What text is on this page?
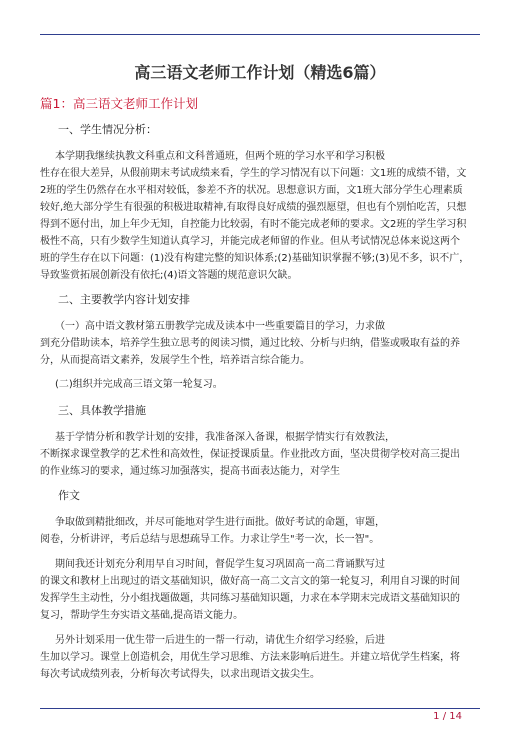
高三语文老师工作计划（精选6篇）
篇1：高三语文老师工作计划
一、学生情况分析：
本学期我继续执教文科重点和文科普通班，但两个班的学习水平和学习积极
性存在很大差异，从假前期末考试成绩来看，学生的学习情况有以下问题：文1班的成绩不错，文
2班的学生仍然存在水平相对较低，参差不齐的状况。思想意识方面，文1班大部分学生心理素质
较好,绝大部分学生有很强的积极进取精神,有取得良好成绩的强烈愿望，但也有个别怕吃苦，只想
得到不愿付出，加上年少无知，自控能力比较弱，有时不能完成老师的要求。文2班的学生学习积
极性不高，只有少数学生知道认真学习，并能完成老师留的作业。但从考试情况总体来说这两个
班的学生存在以下问题：(1)没有构建完整的知识体系;(2)基础知识掌握不够;(3)见不多，识不广，
导致鉴赏拓展创新没有依托;(4)语文答题的规范意识欠缺。
二、主要教学内容计划安排
（一）高中语文教材第五册教学完成及读本中一些重要篇目的学习，力求做
到充分借助读本，培养学生独立思考的阅读习惯，通过比较、分析与归纳，借鉴或吸取有益的养
分，从而提高语文素养，发展学生个性，培养语言综合能力。
(二)组织并完成高三语文第一轮复习。
三、具体教学措施
基于学情分析和教学计划的安排，我准备深入备课，根据学情实行有效教法，
不断探求课堂教学的艺术性和高效性，保证授课质量。作业批改方面，坚决贯彻学校对高三提出
的作业练习的要求，通过练习加强落实，提高书面表达能力，对学生
作文
争取做到精批细改，并尽可能地对学生进行面批。做好考试的命题，审题，
阅卷，分析讲评，考后总结与思想疏导工作。力求让学生"考一次，长一智"。
期间我还计划充分利用早自习时间，督促学生复习巩固高一高二背诵默写过
的课文和教材上出现过的语文基础知识，做好高一高二文言文的第一轮复习，利用自习课的时间
发挥学生主动性，分小组找题做题，共同练习基础知识题，力求在本学期末完成语文基础知识的
复习，帮助学生夯实语文基础,提高语文能力。
另外计划采用一优生带一后进生的一帮一行动，请优生介绍学习经验，后进
生加以学习。课堂上创造机会，用优生学习思维、方法来影响后进生。并建立培优学生档案，将
每次考试成绩列表，分析每次考试得失，以求出现语文拔尖生。
1 / 14
